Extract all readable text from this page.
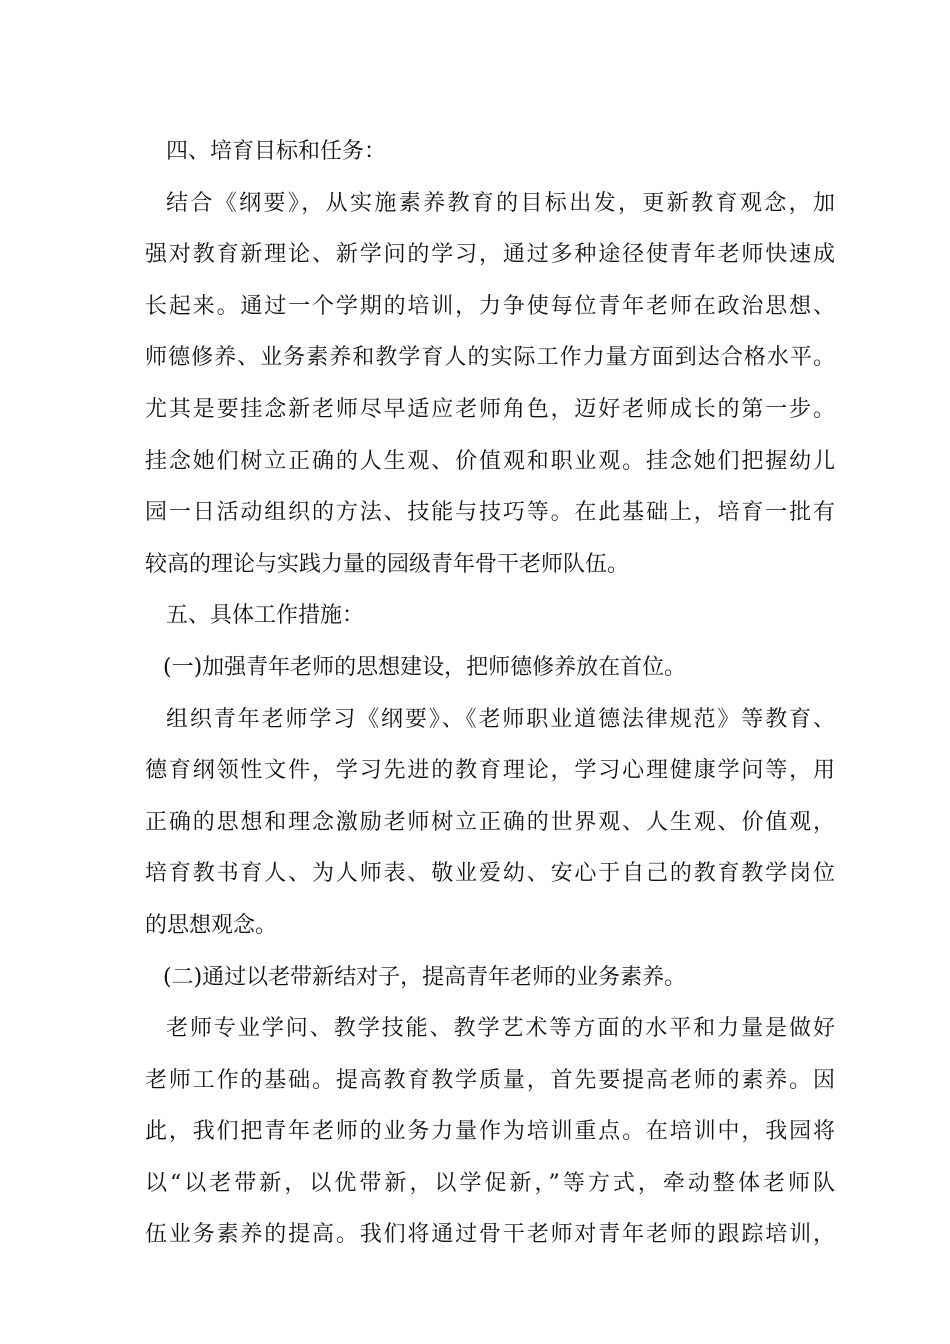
四、培育目标和任务：
结合《纲要》，从实施素养教育的目标出发，更新教育观念，加
强对教育新理论、新学问的学习，通过多种途径使青年老师快速成
长起来。通过一个学期的培训，力争使每位青年老师在政治思想、
师德修养、业务素养和教学育人的实际工作力量方面到达合格水平。
尤其是要挂念新老师尽早适应老师角色，迈好老师成长的第一步。
挂念她们树立正确的人生观、价值观和职业观。挂念她们把握幼儿
园一日活动组织的方法、技能与技巧等。在此基础上，培育一批有
较高的理论与实践力量的园级青年骨干老师队伍。
五、具体工作措施：
(一)加强青年老师的思想建设，把师德修养放在首位。
组织青年老师学习《纲要》、《老师职业道德法律规范》等教育、
德育纲领性文件，学习先进的教育理论，学习心理健康学问等，用
正确的思想和理念激励老师树立正确的世界观、人生观、价值观，
培育教书育人、为人师表、敬业爱幼、安心于自己的教育教学岗位
的思想观念。
(二)通过以老带新结对子，提高青年老师的业务素养。
老师专业学问、教学技能、教学艺术等方面的水平和力量是做好
老师工作的基础。提高教育教学质量，首先要提高老师的素养。因
此，我们把青年老师的业务力量作为培训重点。在培训中，我园将
以“以老带新，以优带新，以学促新，”等方式，牵动整体老师队
伍业务素养的提高。我们将通过骨干老师对青年老师的跟踪培训，
